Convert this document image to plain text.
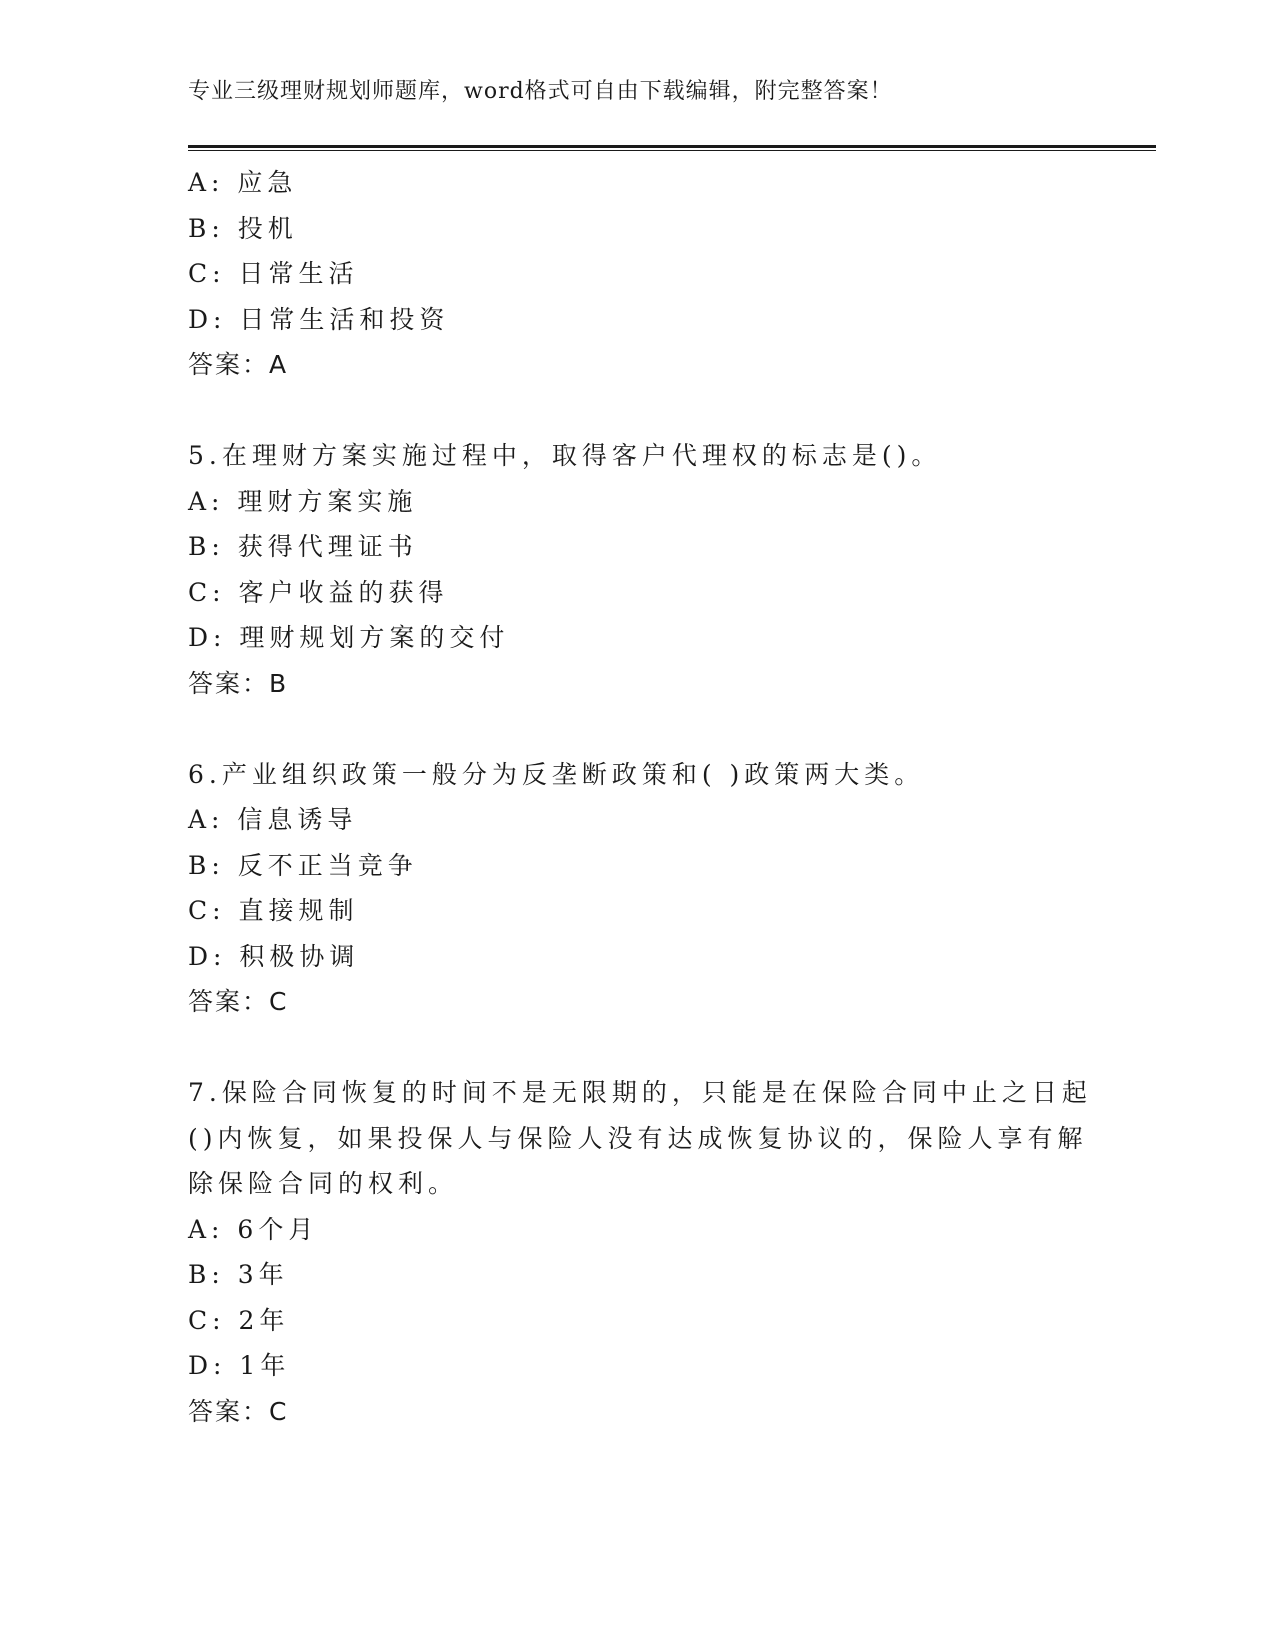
专业三级理财规划师题库，word格式可自由下载编辑，附完整答案！
A: 应急
B: 投机
C: 日常生活
D: 日常生活和投资
答案：A
5.在理财方案实施过程中，取得客户代理权的标志是()。
A: 理财方案实施
B: 获得代理证书
C: 客户收益的获得
D: 理财规划方案的交付
答案：B
6.产业组织政策一般分为反垄断政策和( )政策两大类。
A: 信息诱导
B: 反不正当竞争
C: 直接规制
D: 积极协调
答案：C
7.保险合同恢复的时间不是无限期的，只能是在保险合同中止之日起
()内恢复，如果投保人与保险人没有达成恢复协议的，保险人享有解
除保险合同的权利。
A: 6个月
B: 3年
C: 2年
D: 1年
答案：C
